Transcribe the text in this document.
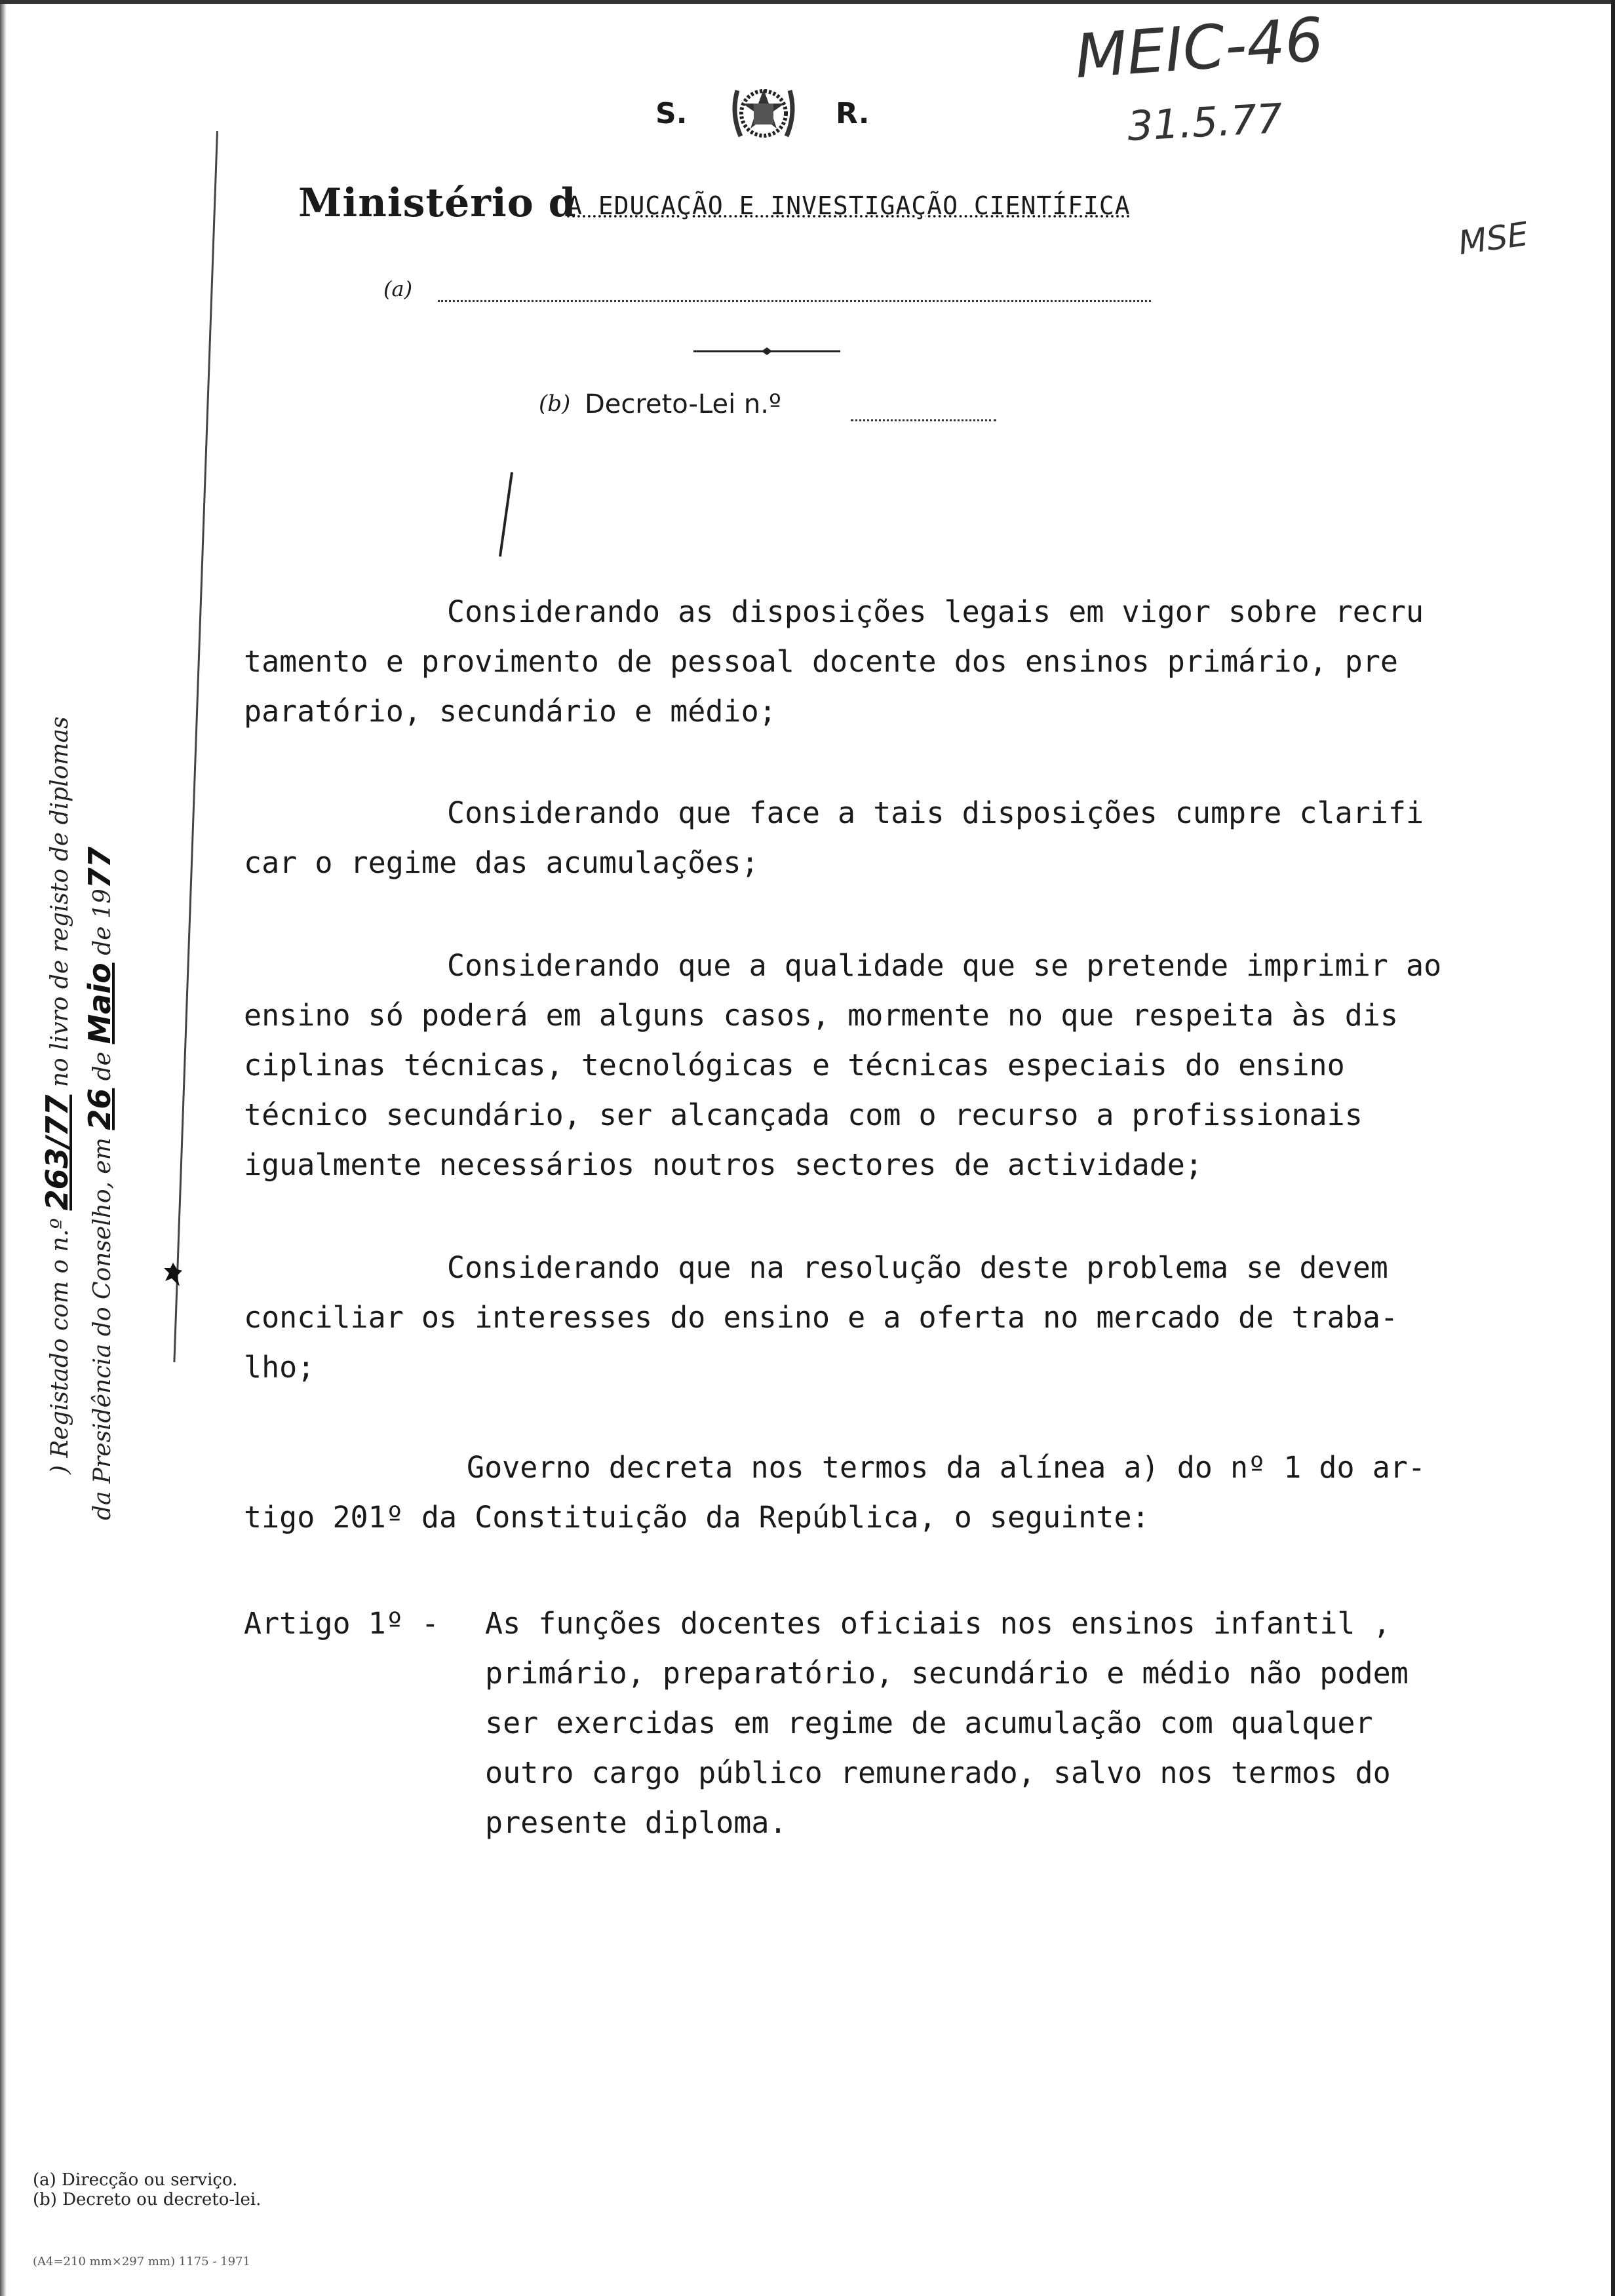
MEIC-46
31.5.77
MSE
S.	R.
Ministério d
A EDUCAÇÃO E INVESTIGAÇÃO CIENTÍFICA
(a)
(b) Decreto-Lei n.º
) Registado com o n.º 263/77 no livro de registo de diplomas
da Presidência do Conselho, em 26 de Maio de 1977
Considerando as disposições legais em vigor sobre recru
tamento e provimento de pessoal docente dos ensinos primário, pre
paratório, secundário e médio;
Considerando que face a tais disposições cumpre clarifi
car o regime das acumulações;
Considerando que a qualidade que se pretende imprimir ao
ensino só poderá em alguns casos, mormente no que respeita às dis
ciplinas técnicas, tecnológicas e técnicas especiais do ensino
técnico secundário, ser alcançada com o recurso a profissionais
igualmente necessários noutros sectores de actividade;
Considerando que na resolução deste problema se devem
conciliar os interesses do ensino e a oferta no mercado de traba-
lho;
Governo decreta nos termos da alínea a) do nº 1 do ar-
tigo 201º da Constituição da República, o seguinte:
Artigo 1º - As funções docentes oficiais nos ensinos infantil ,
primário, preparatório, secundário e médio não podem
ser exercidas em regime de acumulação com qualquer
outro cargo público remunerado, salvo nos termos do
presente diploma.
(a) Direcção ou serviço.
(b) Decreto ou decreto-lei.
(A4=210 mm×297 mm) 1175 - 1971
